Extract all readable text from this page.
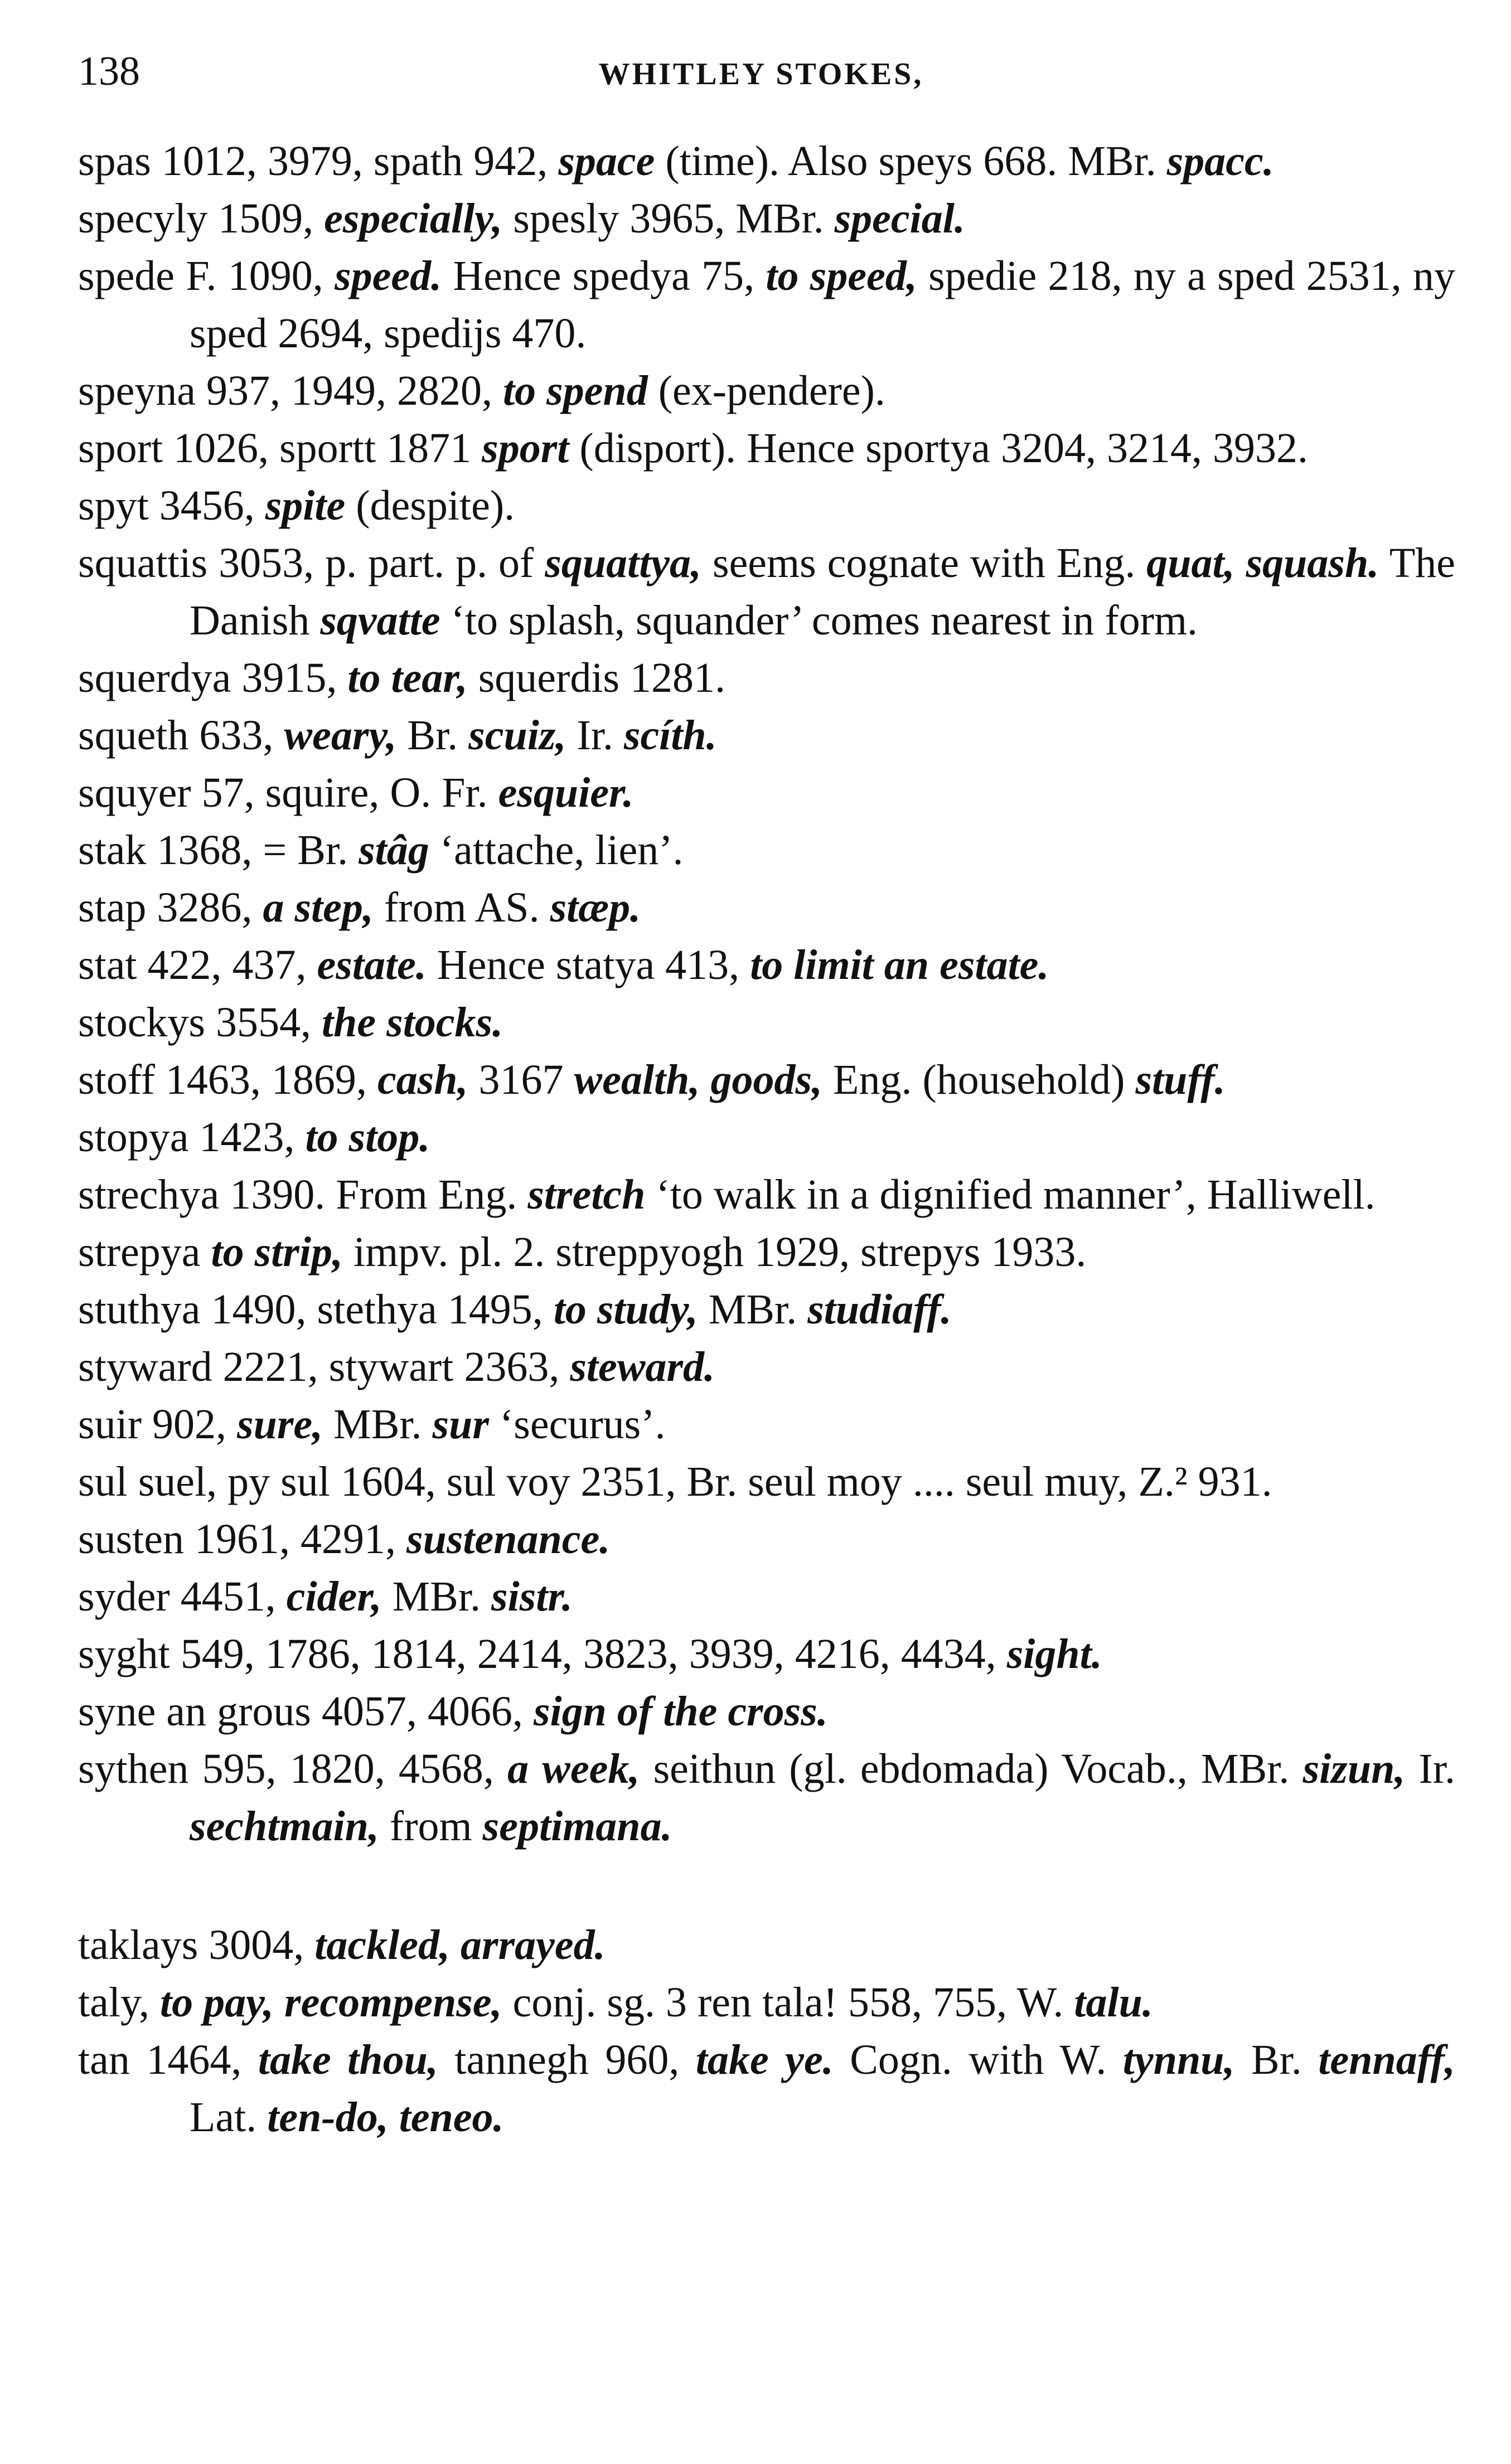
138	WHITLEY STOKES,

spas 1012, 3979, spath 942, space (time). Also speys 668. MBr. spacc.

specyly 1509, especially, spesly 3965, MBr. special.

spede F. 1090, speed. Hence spedya 75, to speed, spedie 218, ny a sped 2531, ny sped 2694, spedijs 470.

speyna 937, 1949, 2820, to spend (ex-pendere).

sport 1026, sportt 1871 sport (disport). Hence sportya 3204, 3214, 3932.

spyt 3456, spite (despite).

squattis 3053, p. part. p. of squattya, seems cognate with Eng. quat, squash. The Danish sqvatte ‘to splash, squander’ comes nearest in form.

squerdya 3915, to tear, squerdis 1281.

squeth 633, weary, Br. scuiz, Ir. scíth.

squyer 57, squire, O. Fr. esquier.

stak 1368, = Br. stâg ‘attache, lien’.

stap 3286, a step, from AS. stæp.

stat 422, 437, estate. Hence statya 413, to limit an estate.

stockys 3554, the stocks.

stoff 1463, 1869, cash, 3167 wealth, goods, Eng. (household) stuff.

stopya 1423, to stop.

strechya 1390. From Eng. stretch ‘to walk in a dignified manner’, Halliwell.

strepya to strip, impv. pl. 2. streppyogh 1929, strepys 1933.

stuthya 1490, stethya 1495, to study, MBr. studiaff.

styward 2221, stywart 2363, steward.

suir 902, sure, MBr. sur ‘securus’.

sul suel, py sul 1604, sul voy 2351, Br. seul moy .... seul muy, Z.² 931.

susten 1961, 4291, sustenance.

syder 4451, cider, MBr. sistr.

syght 549, 1786, 1814, 2414, 3823, 3939, 4216, 4434, sight.

syne an grous 4057, 4066, sign of the cross.

sythen 595, 1820, 4568, a week, seithun (gl. ebdomada) Vocab., MBr. sizun, Ir. sechtmain, from septimana.

taklays 3004, tackled, arrayed.

taly, to pay, recompense, conj. sg. 3 ren tala! 558, 755, W. talu.

tan 1464, take thou, tannegh 960, take ye. Cogn. with W. tynnu, Br. tennaff, Lat. ten-do, teneo.
